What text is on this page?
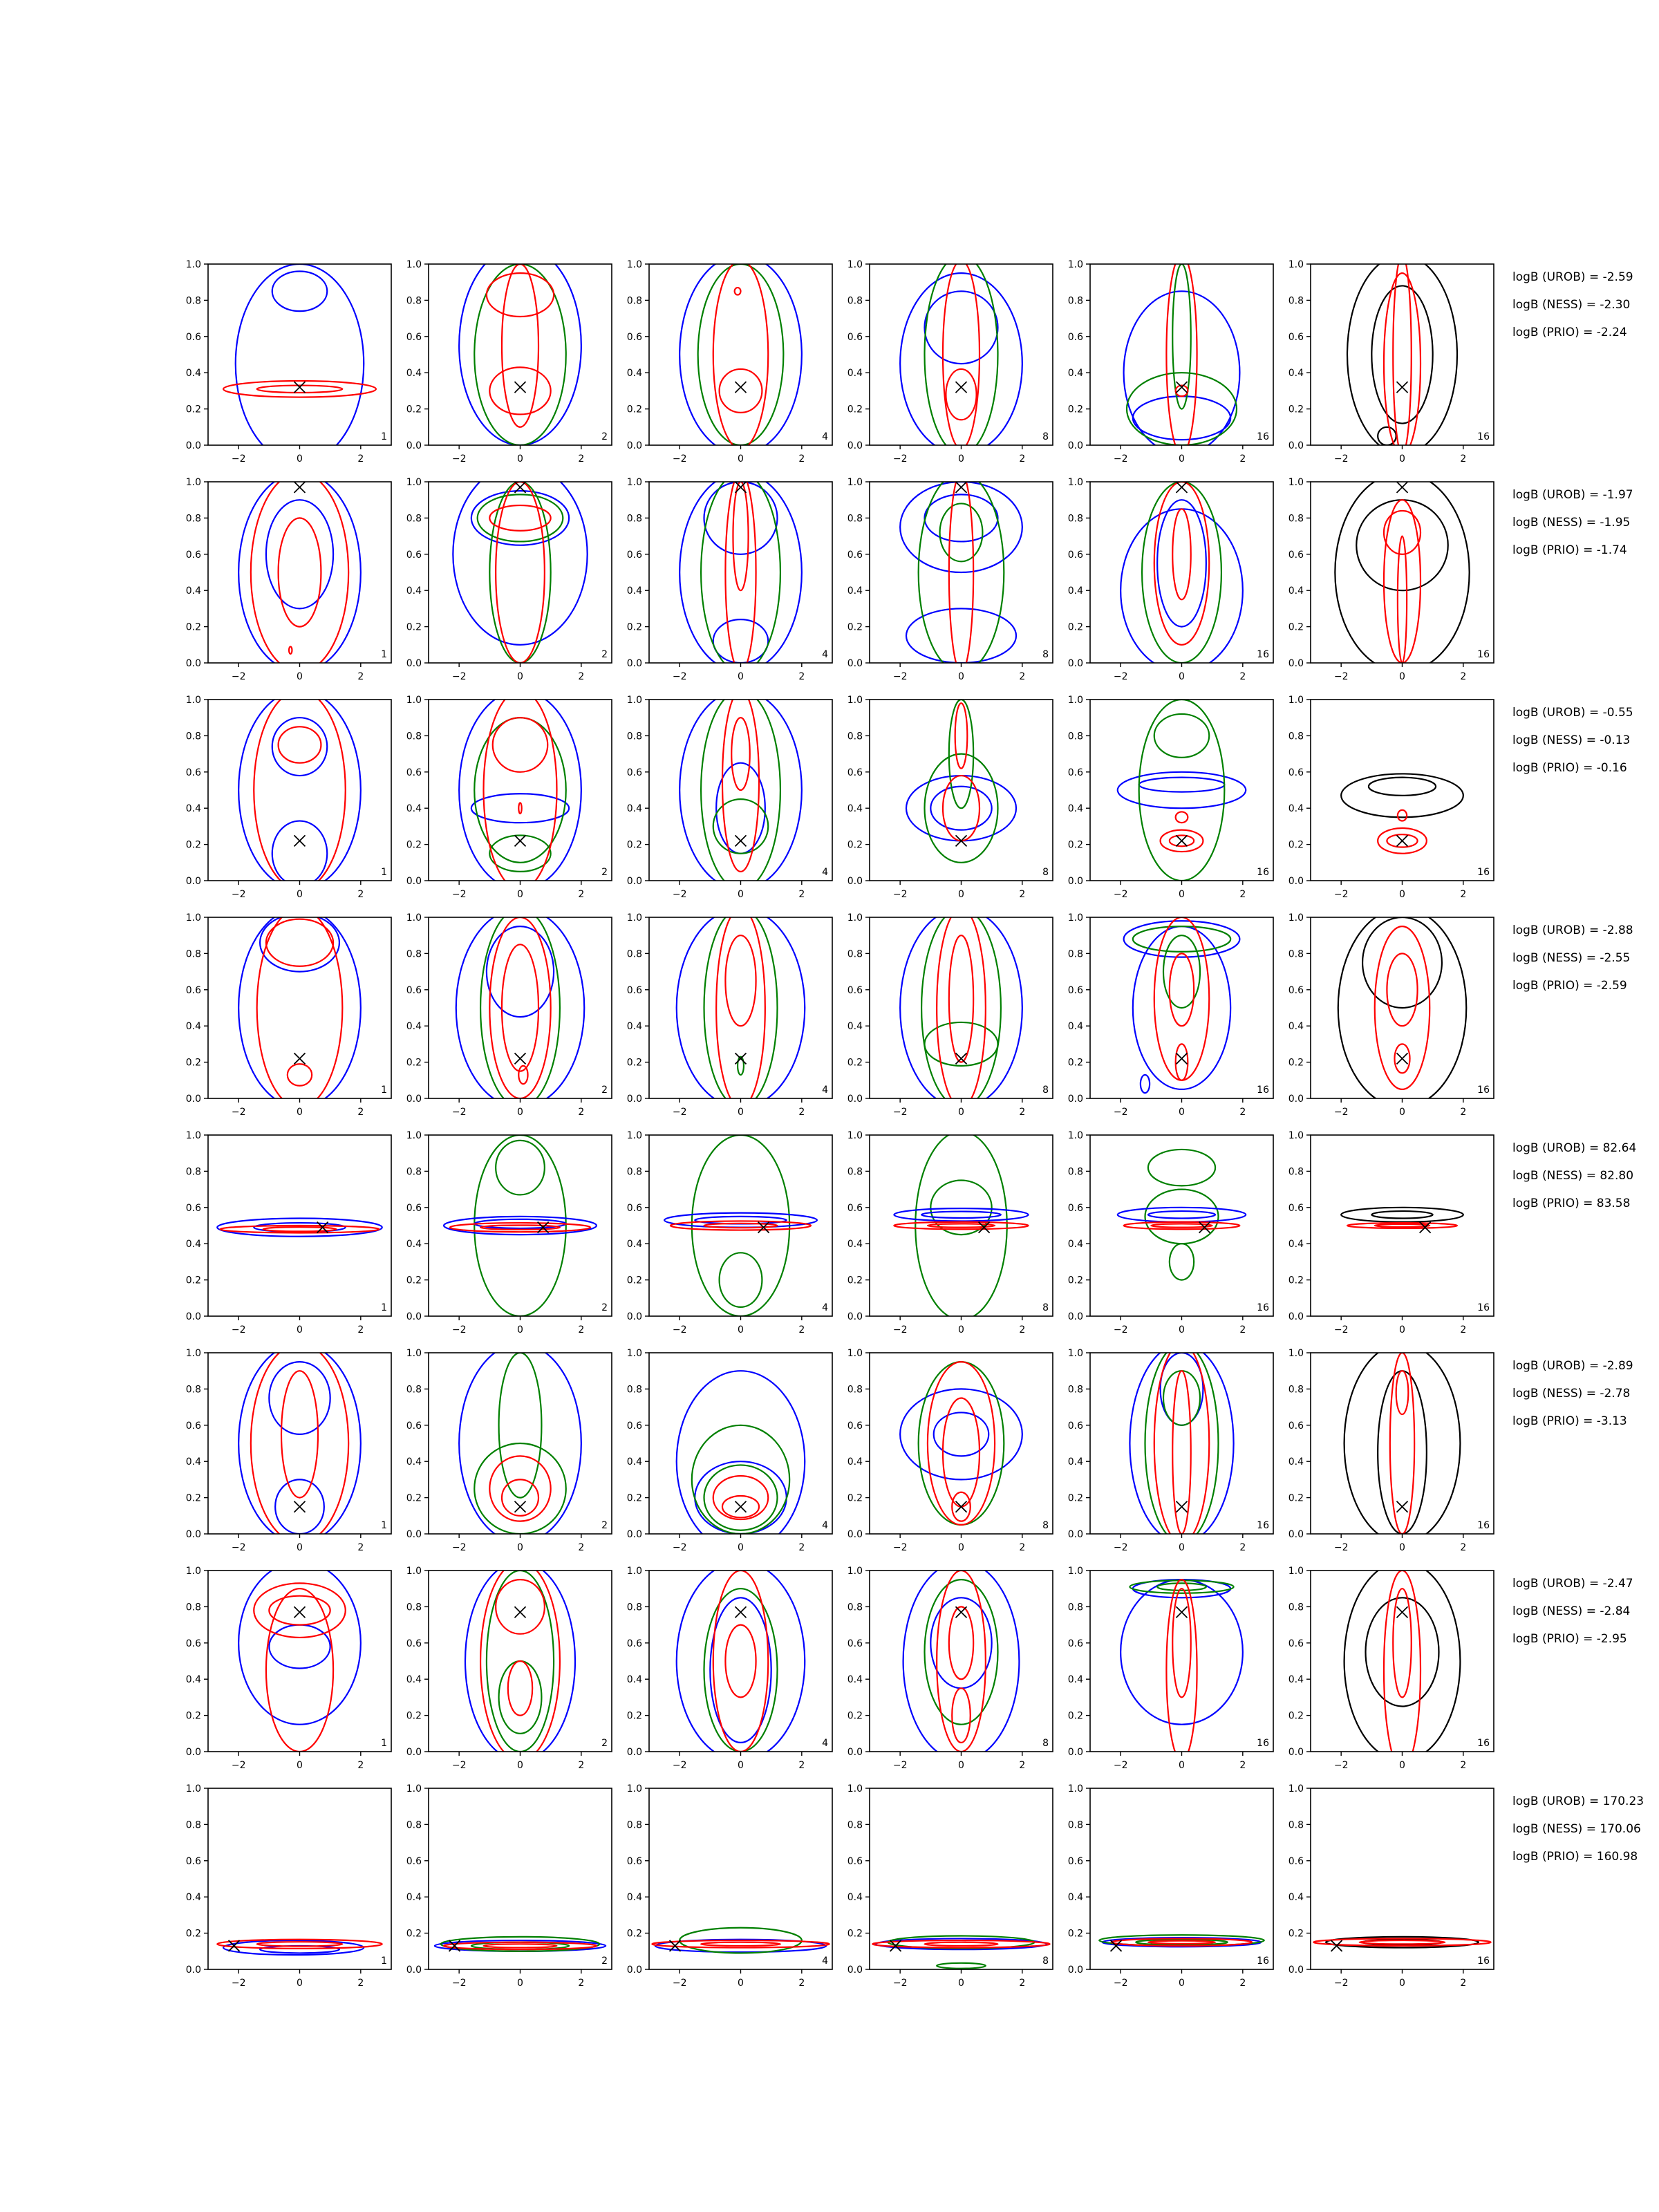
−2	0	2
0.0
0.2
0.4
0.6
0.8
1.0
1
−2	0	2
0.0
0.2
0.4
0.6
0.8
1.0
2
−2	0	2
0.0
0.2
0.4
0.6
0.8
1.0
4
−2	0	2
0.0
0.2
0.4
0.6
0.8
1.0
8
−2	0	2
0.0
0.2
0.4
0.6
0.8
1.0
16
−2	0	2
0.0
0.2
0.4
0.6
0.8
1.0
16
−2	0	2
0.0
0.2
0.4
0.6
0.8
1.0
1
−2	0	2
0.0
0.2
0.4
0.6
0.8
1.0
2
−2	0	2
0.0
0.2
0.4
0.6
0.8
1.0
4
−2	0	2
0.0
0.2
0.4
0.6
0.8
1.0
8
−2	0	2
0.0
0.2
0.4
0.6
0.8
1.0
16
−2	0	2
0.0
0.2
0.4
0.6
0.8
1.0
16
−2	0	2
0.0
0.2
0.4
0.6
0.8
1.0
1
−2	0	2
0.0
0.2
0.4
0.6
0.8
1.0
2
−2	0	2
0.0
0.2
0.4
0.6
0.8
1.0
4
−2	0	2
0.0
0.2
0.4
0.6
0.8
1.0
8
−2	0	2
0.0
0.2
0.4
0.6
0.8
1.0
16
−2	0	2
0.0
0.2
0.4
0.6
0.8
1.0
16
−2	0	2
0.0
0.2
0.4
0.6
0.8
1.0
1
−2	0	2
0.0
0.2
0.4
0.6
0.8
1.0
2
−2	0	2
0.0
0.2
0.4
0.6
0.8
1.0
4
−2	0	2
0.0
0.2
0.4
0.6
0.8
1.0
8
−2	0	2
0.0
0.2
0.4
0.6
0.8
1.0
16
−2	0	2
0.0
0.2
0.4
0.6
0.8
1.0
16
−2	0	2
0.0
0.2
0.4
0.6
0.8
1.0
1
−2	0	2
0.0
0.2
0.4
0.6
0.8
1.0
2
−2	0	2
0.0
0.2
0.4
0.6
0.8
1.0
4
−2	0	2
0.0
0.2
0.4
0.6
0.8
1.0
8
−2	0	2
0.0
0.2
0.4
0.6
0.8
1.0
16
−2	0	2
0.0
0.2
0.4
0.6
0.8
1.0
16
−2	0	2
0.0
0.2
0.4
0.6
0.8
1.0
1
−2	0	2
0.0
0.2
0.4
0.6
0.8
1.0
2
−2	0	2
0.0
0.2
0.4
0.6
0.8
1.0
4
−2	0	2
0.0
0.2
0.4
0.6
0.8
1.0
8
−2	0	2
0.0
0.2
0.4
0.6
0.8
1.0
16
−2	0	2
0.0
0.2
0.4
0.6
0.8
1.0
16
−2	0	2
0.0
0.2
0.4
0.6
0.8
1.0
1
−2	0	2
0.0
0.2
0.4
0.6
0.8
1.0
2
−2	0	2
0.0
0.2
0.4
0.6
0.8
1.0
4
−2	0	2
0.0
0.2
0.4
0.6
0.8
1.0
8
−2	0	2
0.0
0.2
0.4
0.6
0.8
1.0
16
−2	0	2
0.0
0.2
0.4
0.6
0.8
1.0
16
−2	0	2
0.0
0.2
0.4
0.6
0.8
1.0
1
−2	0	2
0.0
0.2
0.4
0.6
0.8
1.0
2
−2	0	2
0.0
0.2
0.4
0.6
0.8
1.0
4
−2	0	2
0.0
0.2
0.4
0.6
0.8
1.0
8
−2	0	2
0.0
0.2
0.4
0.6
0.8
1.0
16
−2	0	2
0.0
0.2
0.4
0.6
0.8
1.0
16
logB (UROB) = -2.59
logB (NESS) = -2.30
logB (PRIO) = -2.24
logB (UROB) = -1.97
logB (NESS) = -1.95
logB (PRIO) = -1.74
logB (UROB) = -0.55
logB (NESS) = -0.13
logB (PRIO) = -0.16
logB (UROB) = -2.88
logB (NESS) = -2.55
logB (PRIO) = -2.59
logB (UROB) = 82.64
logB (NESS) = 82.80
logB (PRIO) = 83.58
logB (UROB) = -2.89
logB (NESS) = -2.78
logB (PRIO) = -3.13
logB (UROB) = -2.47
logB (NESS) = -2.84
logB (PRIO) = -2.95
logB (UROB) = 170.23
logB (NESS) = 170.06
logB (PRIO) = 160.98
